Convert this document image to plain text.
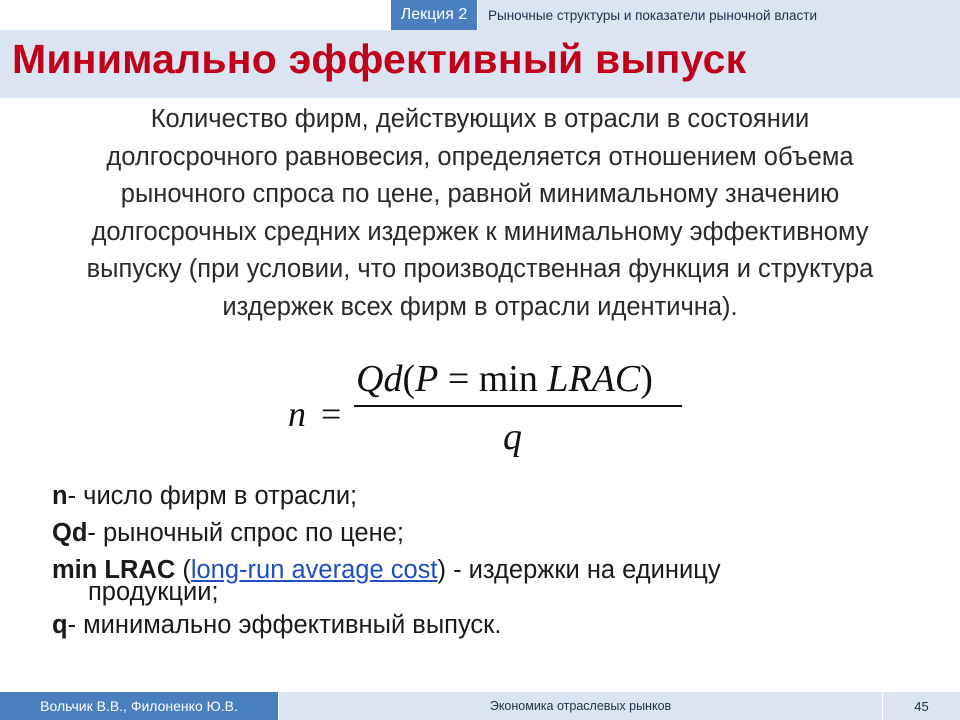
Лекция 2	Рыночные структуры и показатели рыночной власти
Минимально эффективный выпуск
Количество фирм, действующих в отрасли в состоянии
долгосрочного равновесия, определяется отношением объема
рыночного спроса по цене, равной минимальному значению
долгосрочных средних издержек к минимальному эффективному
выпуску (при условии, что производственная функция и структура
издержек всех фирм в отрасли идентична).
n =
Qd(P = min LRAC)
q
n- число фирм в отрасли;
Qd- рыночный спрос по цене;
min LRAC (long-run average cost) - издержки на единицу
продукции;
q- минимально эффективный выпуск.
Вольчик В.В., Филоненко Ю.В.	Экономика отраслевых рынков	45
